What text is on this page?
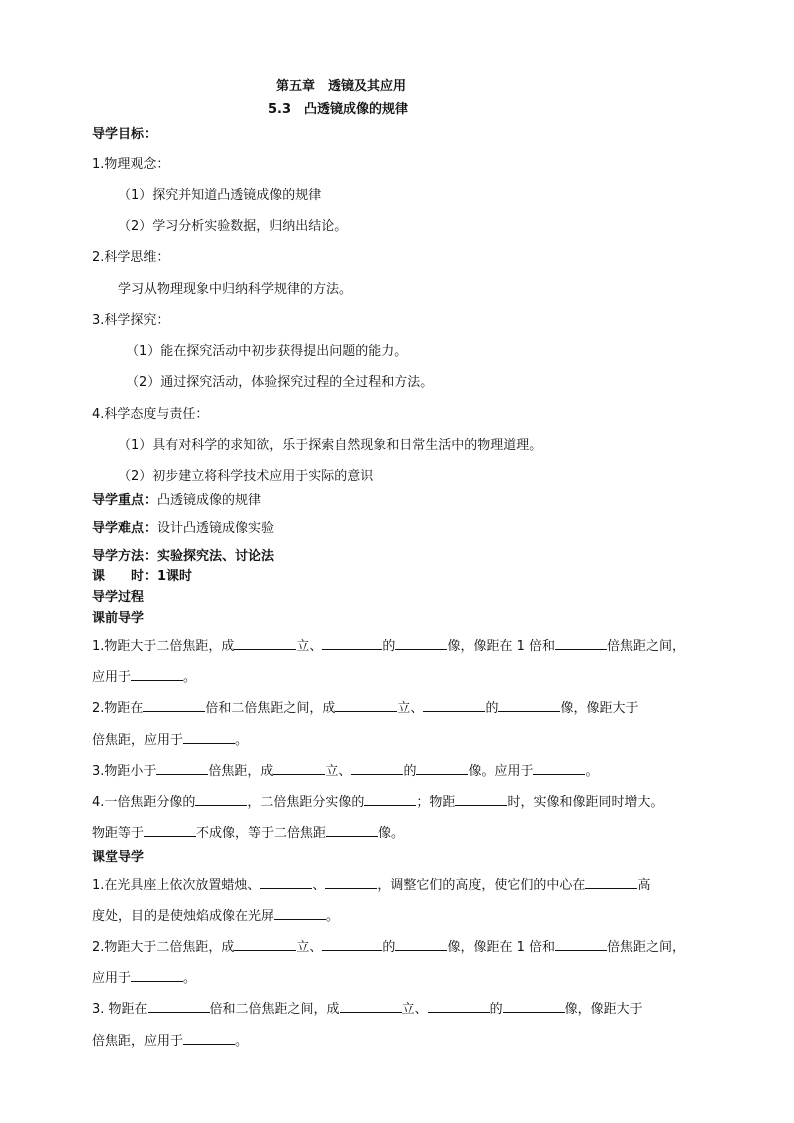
第五章　透镜及其应用
5.3　凸透镜成像的规律
导学目标：
1.物理观念：
（1）探究并知道凸透镜成像的规律
（2）学习分析实验数据，归纳出结论。
2.科学思维：
学习从物理现象中归纳科学规律的方法。
3.科学探究：
（1）能在探究活动中初步获得提出问题的能力。
（2）通过探究活动，体验探究过程的全过程和方法。
4.科学态度与责任：
（1）具有对科学的求知欲，乐于探索自然现象和日常生活中的物理道理。
（2）初步建立将科学技术应用于实际的意识
导学重点：凸透镜成像的规律
导学难点：设计凸透镜成像实验
导学方法：实验探究法、讨论法
课　　时：1课时
导学过程
课前导学
1.物距大于二倍焦距，成	立、	的	像，像距在 1 倍和	倍焦距之间，
应用于	。
2.物距在	倍和二倍焦距之间，成	立、	的	像，像距大于
倍焦距，应用于	。
3.物距小于	倍焦距，成	立、	的	像。应用于	。
4.一倍焦距分像的	，二倍焦距分实像的	；物距	时，实像和像距同时增大。
物距等于	不成像，等于二倍焦距	像。
课堂导学
1.在光具座上依次放置蜡烛、	、	，调整它们的高度，使它们的中心在	高
度处，目的是使烛焰成像在光屏	。
2.物距大于二倍焦距，成	立、	的	像，像距在 1 倍和	倍焦距之间，
应用于	。
3. 物距在	倍和二倍焦距之间，成	立、	的	像，像距大于
倍焦距，应用于	。
